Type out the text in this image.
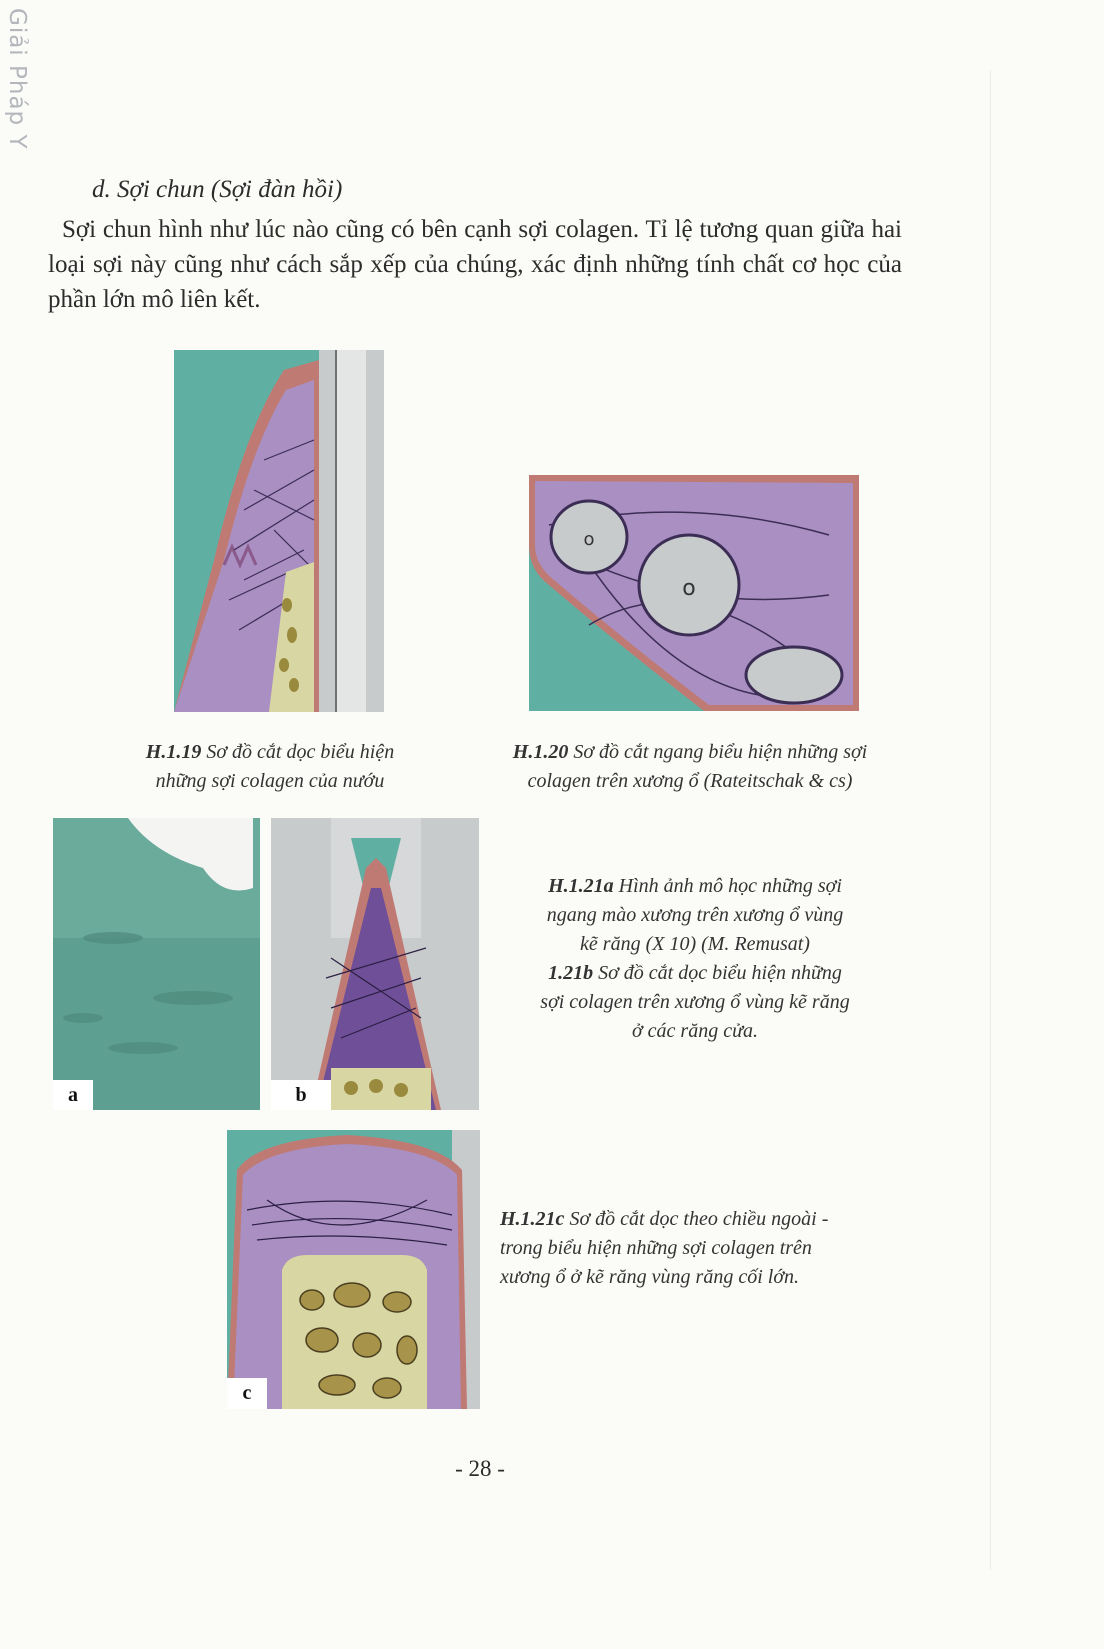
Giải Pháp Y
d. Sợi chun (Sợi đàn hồi)

Sợi chun hình như lúc nào cũng có bên cạnh sợi colagen. Tỉ lệ tương quan giữa hai loại sợi này cũng như cách sắp xếp của chúng, xác định những tính chất cơ học của phần lớn mô liên kết.

H.1.19 Sơ đồ cắt dọc biểu hiện
những sợi colagen của nướu
o
o
H.1.20 Sơ đồ cắt ngang biểu hiện những sợi
colagen trên xương ổ (Rateitschak & cs)
a	b
H.1.21a Hình ảnh mô học những sợi
ngang mào xương trên xương ổ vùng
kẽ răng (X 10) (M. Remusat)
1.21b Sơ đồ cắt dọc biểu hiện những
sợi colagen trên xương ổ vùng kẽ răng
ở các răng cửa.
c
H.1.21c Sơ đồ cắt dọc theo chiều ngoài -
trong biểu hiện những sợi colagen trên
xương ổ ở kẽ răng vùng răng cối lớn.
- 28 -
